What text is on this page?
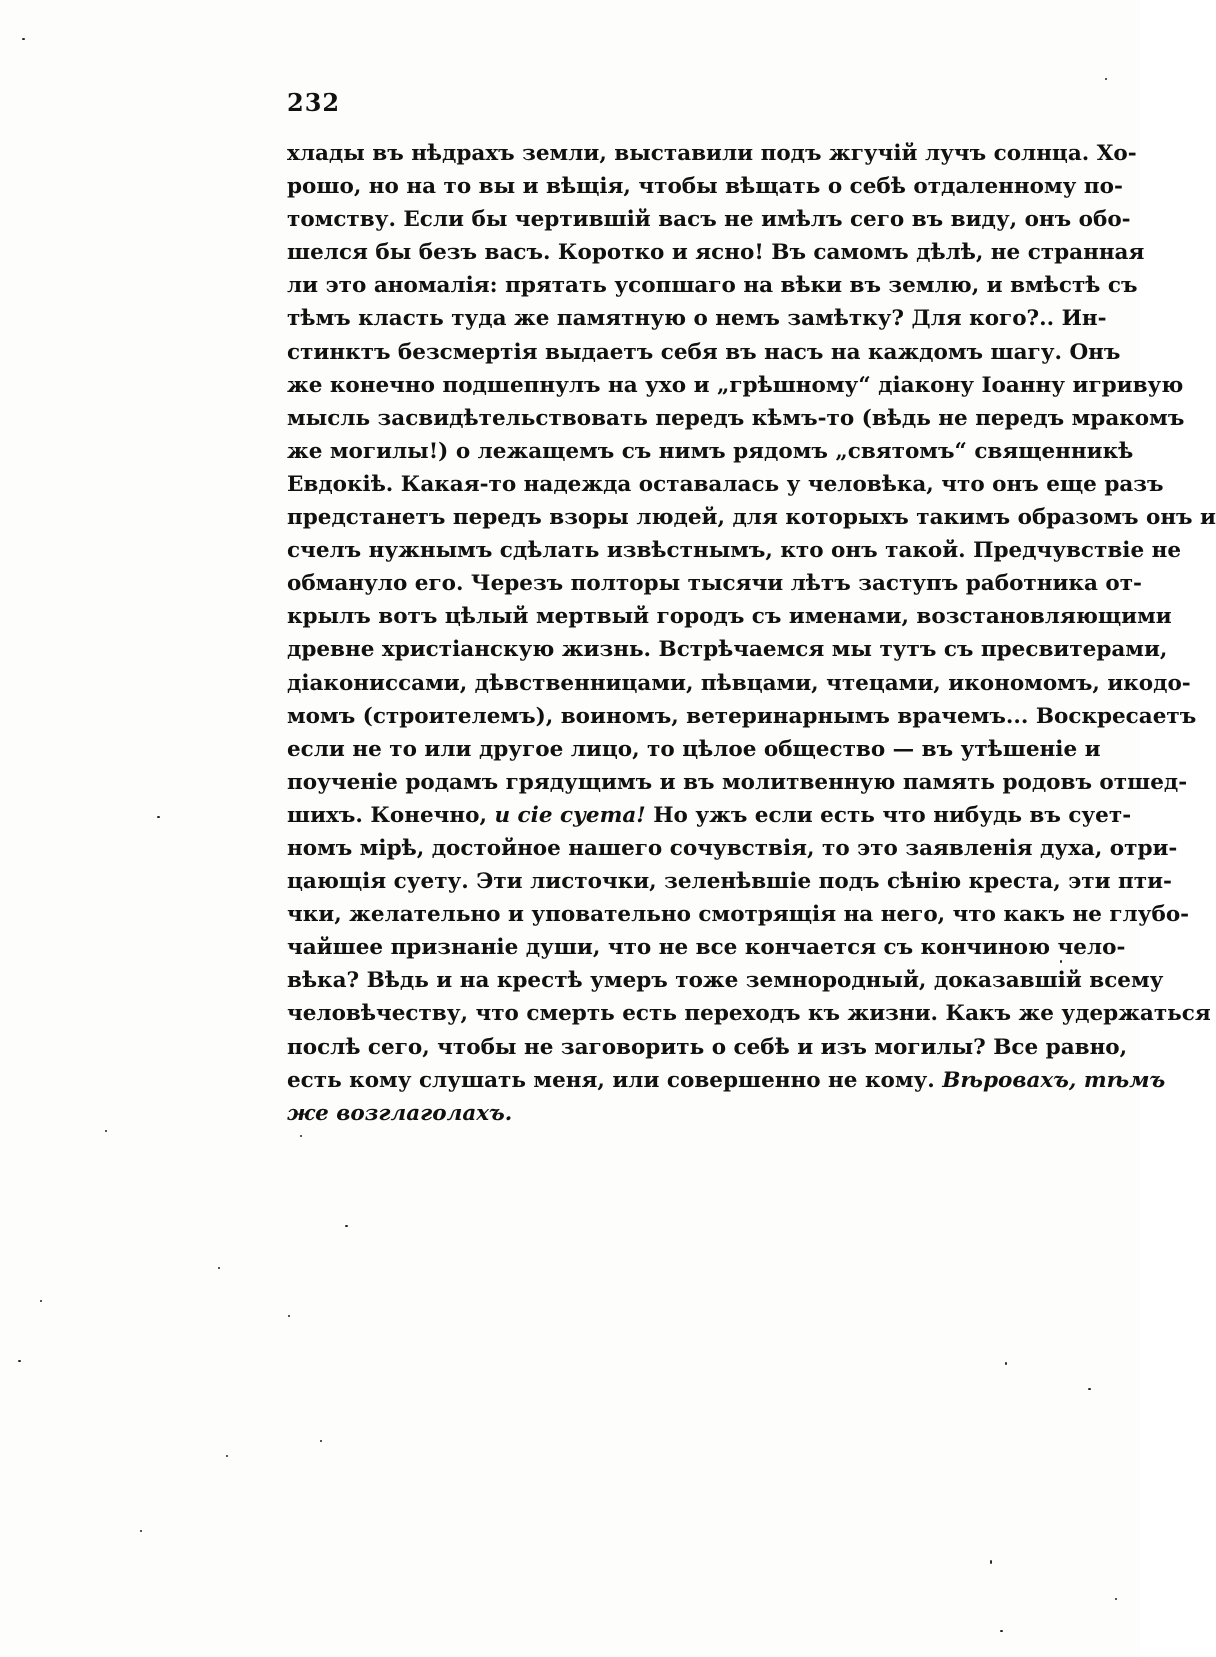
232
хлады въ нѣдрахъ земли, выставили подъ жгучій лучъ солнца. Хо-
рошо, но на то вы и вѣщія, чтобы вѣщать о себѣ отдаленному по-
томству. Если бы чертившій васъ не имѣлъ сего въ виду, онъ обо-
шелся бы безъ васъ. Коротко и ясно! Въ самомъ дѣлѣ, не странная
ли это аномалія: прятать усопшаго на вѣки въ землю, и вмѣстѣ съ
тѣмъ класть туда же памятную о немъ замѣтку? Для кого?.. Ин-
стинктъ безсмертія выдаетъ себя въ насъ на каждомъ шагу. Онъ
же конечно подшепнулъ на ухо и „грѣшному“ діакону Іоанну игривую
мысль засвидѣтельствовать передъ кѣмъ-то (вѣдь не передъ мракомъ
же могилы!) о лежащемъ съ нимъ рядомъ „святомъ“ священникѣ
Евдокіѣ. Какая-то надежда оставалась у человѣка, что онъ еще разъ
предстанетъ передъ взоры людей, для которыхъ такимъ образомъ онъ и
счелъ нужнымъ сдѣлать извѣстнымъ, кто онъ такой. Предчувствіе не
обмануло его. Черезъ полторы тысячи лѣтъ заступъ работника от-
крылъ вотъ цѣлый мертвый городъ съ именами, возстановляющими
древне христіанскую жизнь. Встрѣчаемся мы тутъ съ пресвитерами,
діакониссами, дѣвственницами, пѣвцами, чтецами, икономомъ, икодо-
момъ (строителемъ), воиномъ, ветеринарнымъ врачемъ... Воскресаетъ
если не то или другое лицо, то цѣлое общество — въ утѣшеніе и
поученіе родамъ грядущимъ и въ молитвенную память родовъ отшед-
шихъ. Конечно, и сіе суета! Но ужъ если есть что нибудь въ сует-
номъ мірѣ, достойное нашего сочувствія, то это заявленія духа, отри-
цающія суету. Эти листочки, зеленѣвшіе подъ сѣнію креста, эти пти-
чки, желательно и уповательно смотрящія на него, что какъ не глубо-
чайшее признаніе души, что не все кончается съ кончиною чело-
вѣка? Вѣдь и на крестѣ умеръ тоже земнородный, доказавшій всему
человѣчеству, что смерть есть переходъ къ жизни. Какъ же удержаться
послѣ сего, чтобы не заговорить о себѣ и изъ могилы? Все равно,
есть кому слушать меня, или совершенно не кому. Вѣровахъ, тѣмъ
же возглаголахъ.
